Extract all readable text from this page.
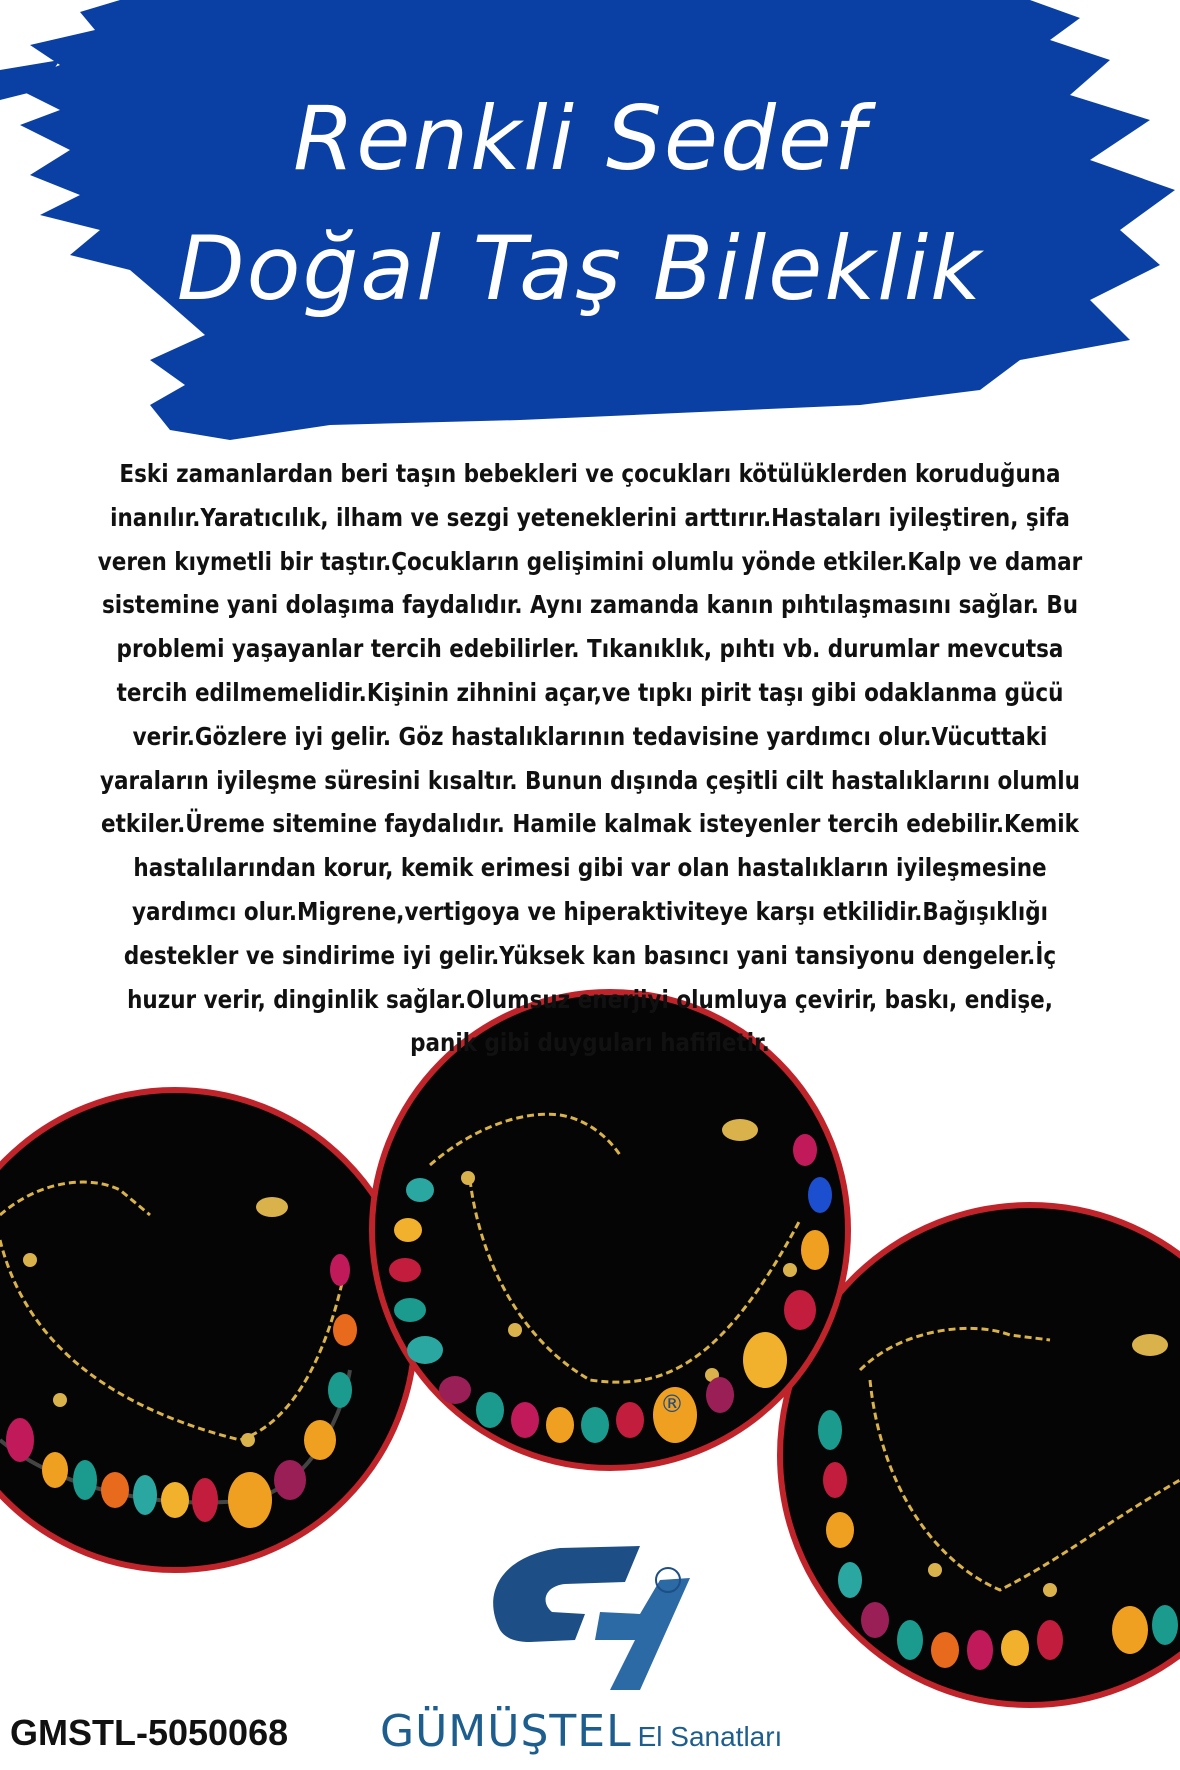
Renkli Sedef
Doğal Taş Bileklik

Eski zamanlardan beri taşın bebekleri ve çocukları kötülüklerden koruduğuna inanılır.Yaratıcılık, ilham ve sezgi yeteneklerini arttırır.Hastaları iyileştiren, şifa veren kıymetli bir taştır.Çocukların gelişimini olumlu yönde etkiler.Kalp ve damar sistemine yani dolaşıma faydalıdır. Aynı zamanda kanın pıhtılaşmasını sağlar. Bu problemi yaşayanlar tercih edebilirler. Tıkanıklık, pıhtı vb. durumlar mevcutsa tercih edilmemelidir.Kişinin zihnini açar,ve tıpkı pirit taşı gibi odaklanma gücü verir.Gözlere iyi gelir. Göz hastalıklarının tedavisine yardımcı olur.Vücuttaki yaraların iyileşme süresini kısaltır. Bunun dışında çeşitli cilt hastalıklarını olumlu etkiler.Üreme sitemine faydalıdır. Hamile kalmak isteyenler tercih edebilir.Kemik hastalılarından korur, kemik erimesi gibi var olan hastalıkların iyileşmesine yardımcı olur.Migrene,vertigoya ve hiperaktiviteye karşı etkilidir.Bağışıklığı destekler ve sindirime iyi gelir.Yüksek kan basıncı yani tansiyonu dengeler.İç huzur verir, dinginlik sağlar.Olumsuz enerjiyi olumluya çevirir, baskı, endişe, panik gibi duyguları hafifletir.

®
GMSTL-5050068 GÜMÜŞTEL El Sanatları
